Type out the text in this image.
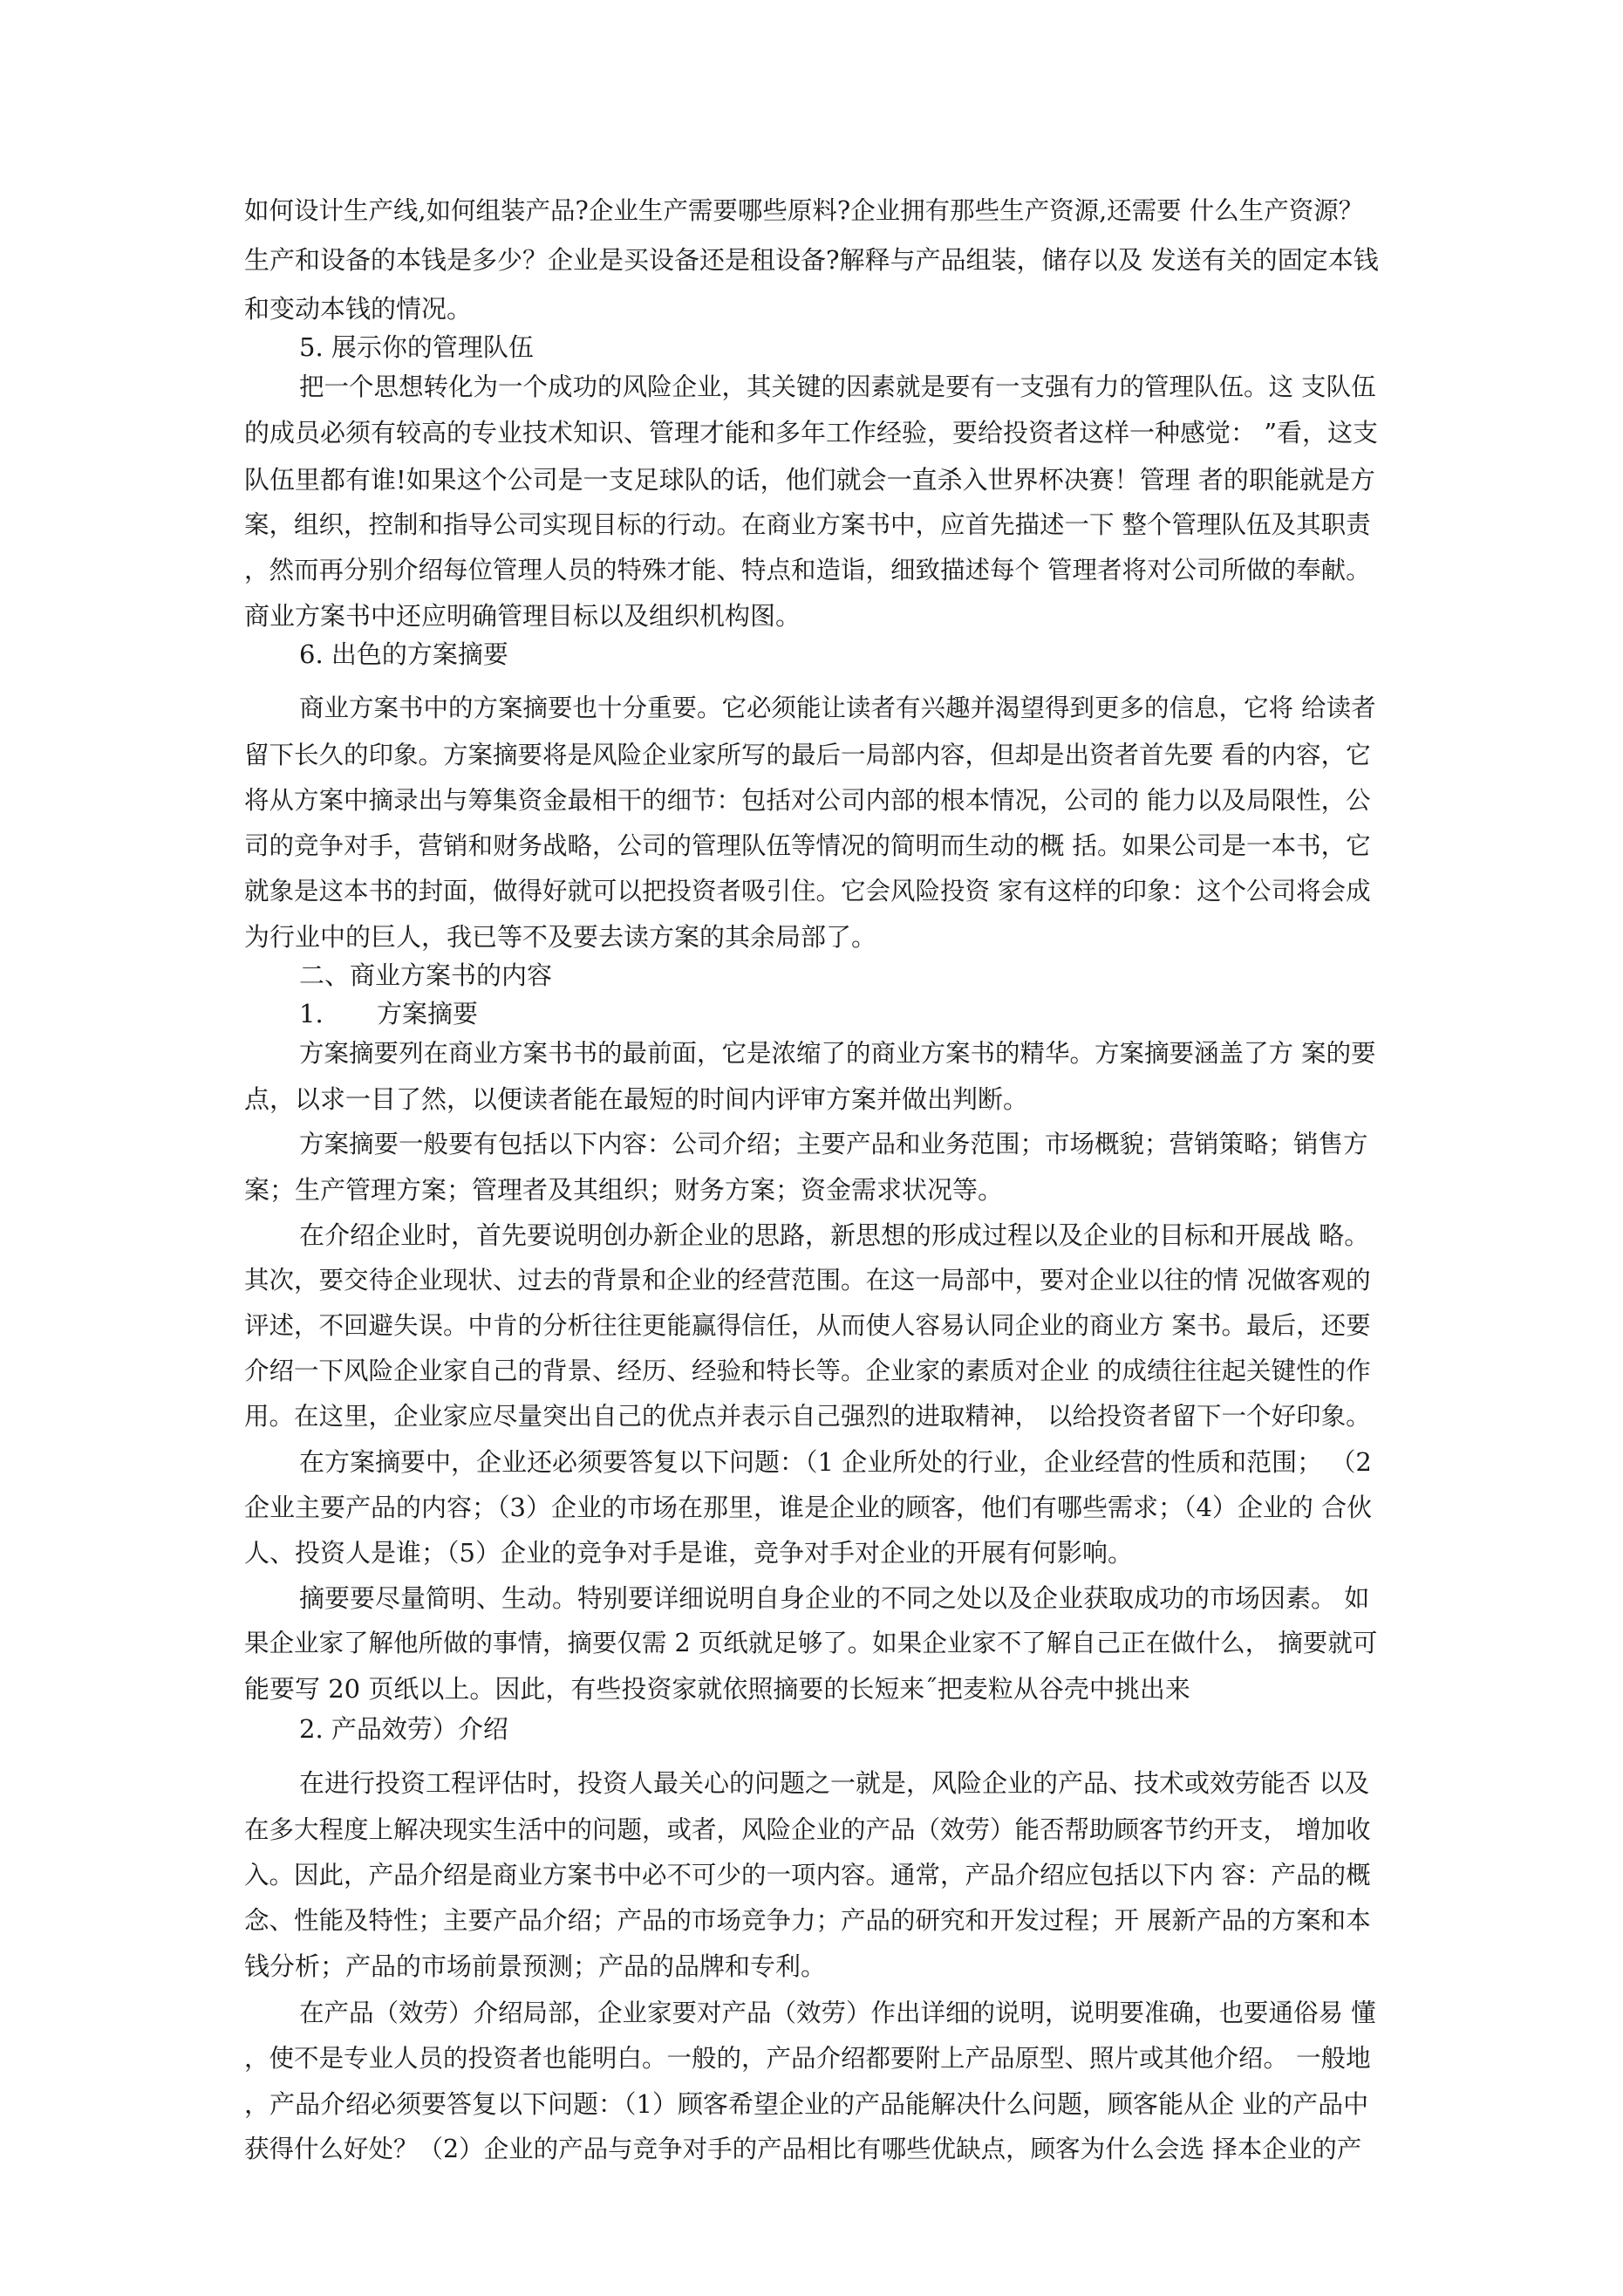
如何设计生产线,如何组装产品?企业生产需要哪些原料?企业拥有那些生产资源,还需要 什么生产资源？

生产和设备的本钱是多少？企业是买设备还是租设备?解释与产品组装，储存以及 发送有关的固定本钱

和变动本钱的情况。

5. 展示你的管理队伍

把一个思想转化为一个成功的风险企业，其关键的因素就是要有一支强有力的管理队伍。这 支队伍

的成员必须有较高的专业技术知识、管理才能和多年工作经验，要给投资者这样一种感觉： ”看，这支

队伍里都有谁!如果这个公司是一支足球队的话，他们就会一直杀入世界杯决赛！管理 者的职能就是方

案，组织，控制和指导公司实现目标的行动。在商业方案书中，应首先描述一下 整个管理队伍及其职责

，然而再分别介绍每位管理人员的特殊才能、特点和造诣，细致描述每个 管理者将对公司所做的奉献。

商业方案书中还应明确管理目标以及组织机构图。

6. 出色的方案摘要

商业方案书中的方案摘要也十分重要。它必须能让读者有兴趣并渴望得到更多的信息，它将 给读者

留下长久的印象。方案摘要将是风险企业家所写的最后一局部内容，但却是出资者首先要 看的内容，它

将从方案中摘录出与筹集资金最相干的细节：包括对公司内部的根本情况，公司的 能力以及局限性，公

司的竞争对手，营销和财务战略，公司的管理队伍等情况的简明而生动的概 括。如果公司是一本书，它

就象是这本书的封面，做得好就可以把投资者吸引住。它会风险投资 家有这样的印象：这个公司将会成

为行业中的巨人，我已等不及要去读方案的其余局部了。

二、商业方案书的内容

1. 方案摘要

方案摘要列在商业方案书书的最前面，它是浓缩了的商业方案书的精华。方案摘要涵盖了方 案的要

点，以求一目了然，以便读者能在最短的时间内评审方案并做出判断。

方案摘要一般要有包括以下内容：公司介绍；主要产品和业务范围；市场概貌；营销策略；销售方

案；生产管理方案；管理者及其组织；财务方案；资金需求状况等。

在介绍企业时，首先要说明创办新企业的思路，新思想的形成过程以及企业的目标和开展战 略。

其次，要交待企业现状、过去的背景和企业的经营范围。在这一局部中，要对企业以往的情 况做客观的

评述，不回避失误。中肯的分析往往更能赢得信任，从而使人容易认同企业的商业方 案书。最后，还要

介绍一下风险企业家自己的背景、经历、经验和特长等。企业家的素质对企业 的成绩往往起关键性的作

用。在这里，企业家应尽量突出自己的优点并表示自己强烈的进取精神， 以给投资者留下一个好印象。

在方案摘要中，企业还必须要答复以下问题：（1 企业所处的行业，企业经营的性质和范围； （2

企业主要产品的内容；（3）企业的市场在那里，谁是企业的顾客，他们有哪些需求；（4）企业的 合伙

人、投资人是谁；（5）企业的竞争对手是谁，竞争对手对企业的开展有何影响。

摘要要尽量简明、生动。特别要详细说明自身企业的不同之处以及企业获取成功的市场因素。 如

果企业家了解他所做的事情，摘要仅需 2 页纸就足够了。如果企业家不了解自己正在做什么， 摘要就可

能要写 20 页纸以上。因此，有些投资家就依照摘要的长短来˝把麦粒从谷壳中挑出来

2. 产品效劳）介绍

在进行投资工程评估时，投资人最关心的问题之一就是，风险企业的产品、技术或效劳能否 以及

在多大程度上解决现实生活中的问题，或者，风险企业的产品（效劳）能否帮助顾客节约开支， 增加收

入。因此，产品介绍是商业方案书中必不可少的一项内容。通常，产品介绍应包括以下内 容：产品的概

念、性能及特性；主要产品介绍；产品的市场竞争力；产品的研究和开发过程；开 展新产品的方案和本

钱分析；产品的市场前景预测；产品的品牌和专利。

在产品（效劳）介绍局部，企业家要对产品（效劳）作出详细的说明，说明要准确，也要通俗易 懂

，使不是专业人员的投资者也能明白。一般的，产品介绍都要附上产品原型、照片或其他介绍。 一般地

，产品介绍必须要答复以下问题：（1）顾客希望企业的产品能解决什么问题，顾客能从企 业的产品中

获得什么好处？（2）企业的产品与竞争对手的产品相比有哪些优缺点，顾客为什么会选 择本企业的产
